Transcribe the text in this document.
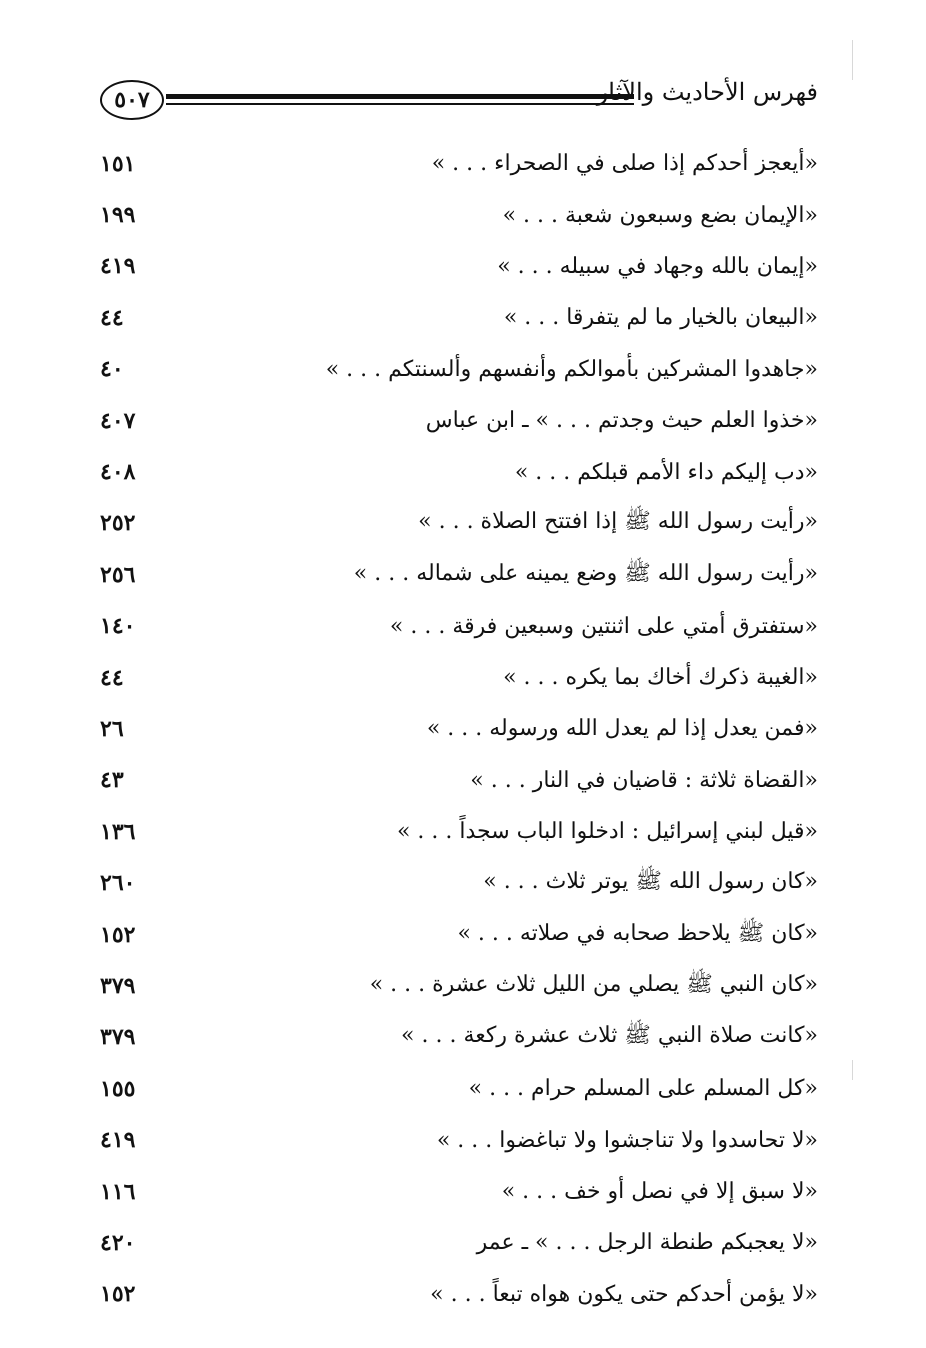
٥٠٧	فهرس الأحاديث والآثار
«أيعجز أحدكم إذا صلى في الصحراء . . . »
١٥١
«الإيمان بضع وسبعون شعبة . . . »
١٩٩
«إيمان بالله وجهاد في سبيله . . . »
٤١٩
«البيعان بالخيار ما لم يتفرقا . . . »
٤٤
«جاهدوا المشركين بأموالكم وأنفسهم وألسنتكم . . . »
٤٠
«خذوا العلم حيث وجدتم . . . » ـ ابن عباس
٤٠٧
«دب إليكم داء الأمم قبلكم . . . »
٤٠٨
«رأيت رسول الله ﷺ إذا افتتح الصلاة . . . »
٢٥٢
«رأيت رسول الله ﷺ وضع يمينه على شماله . . . »
٢٥٦
«ستفترق أمتي على اثنتين وسبعين فرقة . . . »
١٤٠
«الغيبة ذكرك أخاك بما يكره . . . »
٤٤
«فمن يعدل إذا لم يعدل الله ورسوله . . . »
٢٦
«القضاة ثلاثة : قاضيان في النار . . . »
٤٣
«قيل لبني إسرائيل : ادخلوا الباب سجداً . . . »
١٣٦
«كان رسول الله ﷺ يوتر ثلاث . . . »
٢٦٠
«كان ﷺ يلاحظ صحابه في صلاته . . . »
١٥٢
«كان النبي ﷺ يصلي من الليل ثلاث عشرة . . . »
٣٧٩
«كانت صلاة النبي ﷺ ثلاث عشرة ركعة . . . »
٣٧٩
«كل المسلم على المسلم حرام . . . »
١٥٥
«لا تحاسدوا ولا تناجشوا ولا تباغضوا . . . »
٤١٩
«لا سبق إلا في نصل أو خف . . . »
١١٦
«لا يعجبكم طنطة الرجل . . . » ـ عمر
٤٢٠
«لا يؤمن أحدكم حتى يكون هواه تبعاً . . . »
١٥٢
